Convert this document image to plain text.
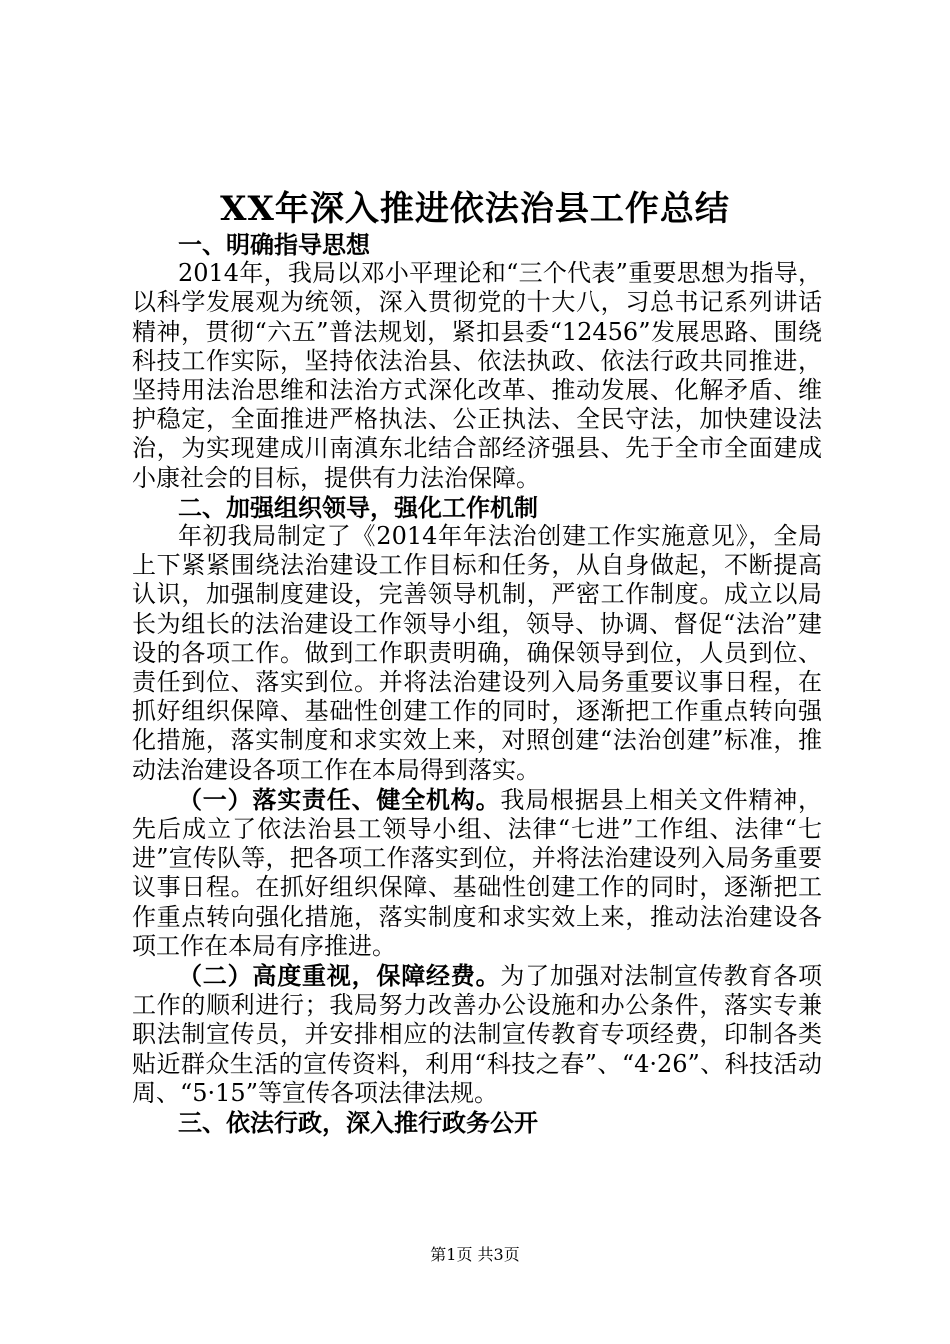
XX年深入推进依法治县工作总结

一、明确指导思想

2014年，我局以邓小平理论和“三个代表”重要思想为指导，以科学发展观为统领，深入贯彻党的十大八，习总书记系列讲话精神，贯彻“六五”普法规划，紧扣县委“12456”发展思路、围绕科技工作实际，坚持依法治县、依法执政、依法行政共同推进，坚持用法治思维和法治方式深化改革、推动发展、化解矛盾、维护稳定，全面推进严格执法、公正执法、全民守法，加快建设法治，为实现建成川南滇东北结合部经济强县、先于全市全面建成小康社会的目标，提供有力法治保障。

二、加强组织领导，强化工作机制

年初我局制定了《2014年年法治创建工作实施意见》，全局上下紧紧围绕法治建设工作目标和任务，从自身做起，不断提高认识，加强制度建设，完善领导机制，严密工作制度。成立以局长为组长的法治建设工作领导小组，领导、协调、督促“法治”建设的各项工作。做到工作职责明确，确保领导到位，人员到位、责任到位、落实到位。并将法治建设列入局务重要议事日程，在抓好组织保障、基础性创建工作的同时，逐渐把工作重点转向强化措施，落实制度和求实效上来，对照创建“法治创建”标准，推动法治建设各项工作在本局得到落实。

（一）落实责任、健全机构。我局根据县上相关文件精神，先后成立了依法治县工领导小组、法律“七进”工作组、法律“七进”宣传队等，把各项工作落实到位，并将法治建设列入局务重要议事日程。在抓好组织保障、基础性创建工作的同时，逐渐把工作重点转向强化措施，落实制度和求实效上来，推动法治建设各项工作在本局有序推进。

（二）高度重视，保障经费。为了加强对法制宣传教育各项工作的顺利进行；我局努力改善办公设施和办公条件，落实专兼职法制宣传员，并安排相应的法制宣传教育专项经费，印制各类贴近群众生活的宣传资料，利用“科技之春”、“4·26”、科技活动周、“5·15”等宣传各项法律法规。

三、依法行政，深入推行政务公开

第1页 共3页
